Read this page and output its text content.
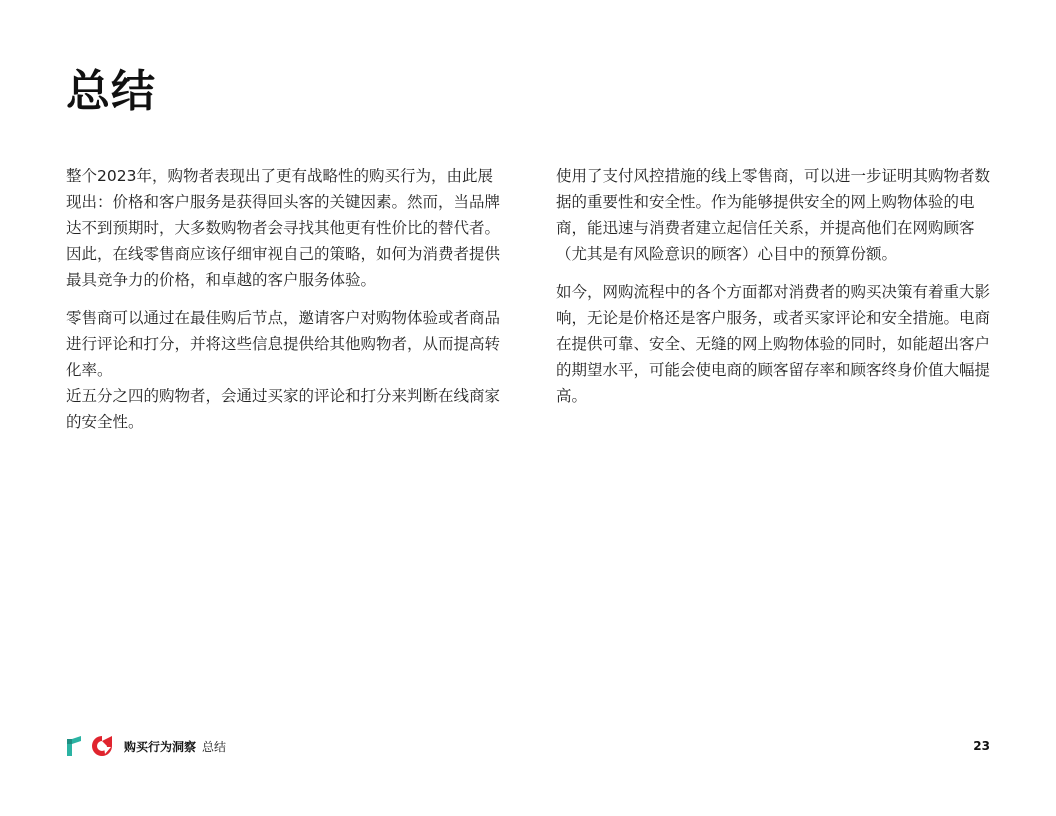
总结

整个2023年，购物者表现出了更有战略性的购买行为，由此展现出：价格和客户服务是获得回头客的关键因素。然而，当品牌达不到预期时，大多数购物者会寻找其他更有性价比的替代者。因此，在线零售商应该仔细审视自己的策略，如何为消费者提供最具竞争力的价格，和卓越的客户服务体验。

零售商可以通过在最佳购后节点，邀请客户对购物体验或者商品进行评论和打分，并将这些信息提供给其他购物者，从而提高转化率。

近五分之四的购物者，会通过买家的评论和打分来判断在线商家的安全性。

使用了支付风控措施的线上零售商，可以进一步证明其购物者数据的重要性和安全性。作为能够提供安全的网上购物体验的电商，能迅速与消费者建立起信任关系，并提高他们在网购顾客（尤其是有风险意识的顾客）心目中的预算份额。

如今，网购流程中的各个方面都对消费者的购买决策有着重大影响，无论是价格还是客户服务，或者买家评论和安全措施。电商在提供可靠、安全、无缝的网上购物体验的同时，如能超出客户的期望水平，可能会使电商的顾客留存率和顾客终身价值大幅提高。

购买行为洞察 总结	23
